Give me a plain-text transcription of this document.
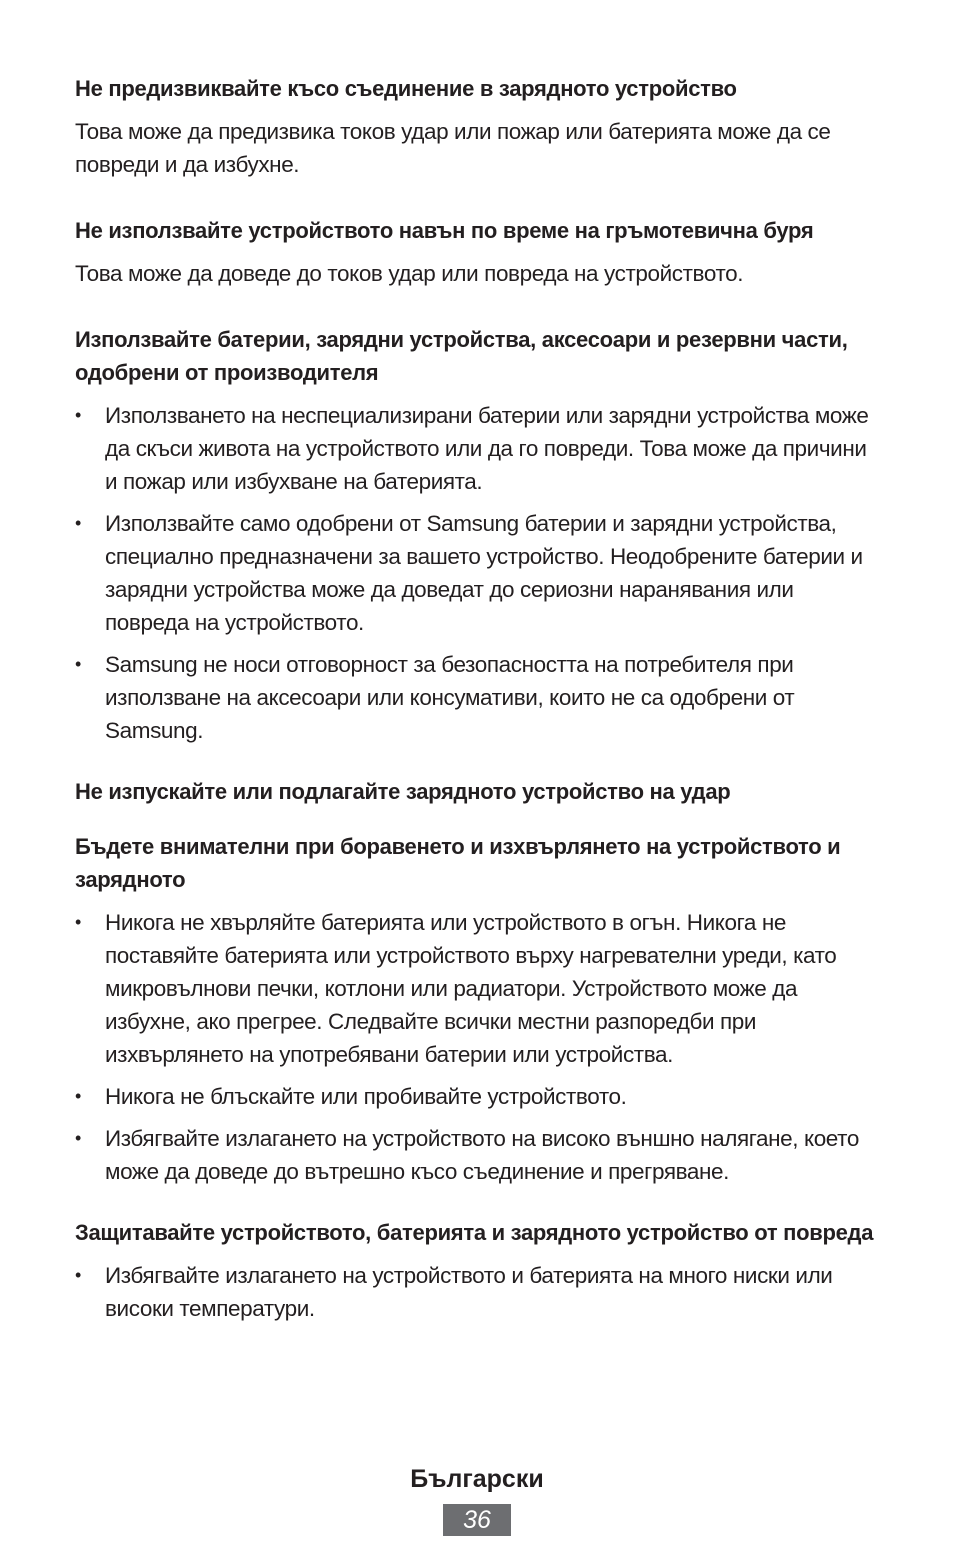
Не предизвиквайте късо съединение в зарядното устройство

Това може да предизвика токов удар или пожар или батерията може да се повреди и да избухне.

Не използвайте устройството навън по време на гръмотевична буря

Това може да доведе до токов удар или повреда на устройството.

Използвайте батерии, зарядни устройства, аксесоари и резервни части, одобрени от производителя

• Използването на неспециализирани батерии или зарядни устройства може да скъси живота на устройството или да го повреди. Това може да причини и пожар или избухване на батерията.
• Използвайте само одобрени от Samsung батерии и зарядни устройства, специално предназначени за вашето устройство. Неодобрените батерии и зарядни устройства може да доведат до сериозни наранявания или повреда на устройството.
• Samsung не носи отговорност за безопасността на потребителя при използване на аксесоари или консумативи, които не са одобрени от Samsung.

Не изпускайте или подлагайте зарядното устройство на удар

Бъдете внимателни при боравенето и изхвърлянето на устройството и зарядното

• Никога не хвърляйте батерията или устройството в огън. Никога не поставяйте батерията или устройството върху нагревателни уреди, като микровълнови печки, котлони или радиатори. Устройството може да избухне, ако прегрее. Следвайте всички местни разпоредби при изхвърлянето на употребявани батерии или устройства.
• Никога не блъскайте или пробивайте устройството.
• Избягвайте излагането на устройството на високо външно налягане, което може да доведе до вътрешно късо съединение и прегряване.

Защитавайте устройството, батерията и зарядното устройство от повреда

• Избягвайте излагането на устройството и батерията на много ниски или високи температури.
Български
36
